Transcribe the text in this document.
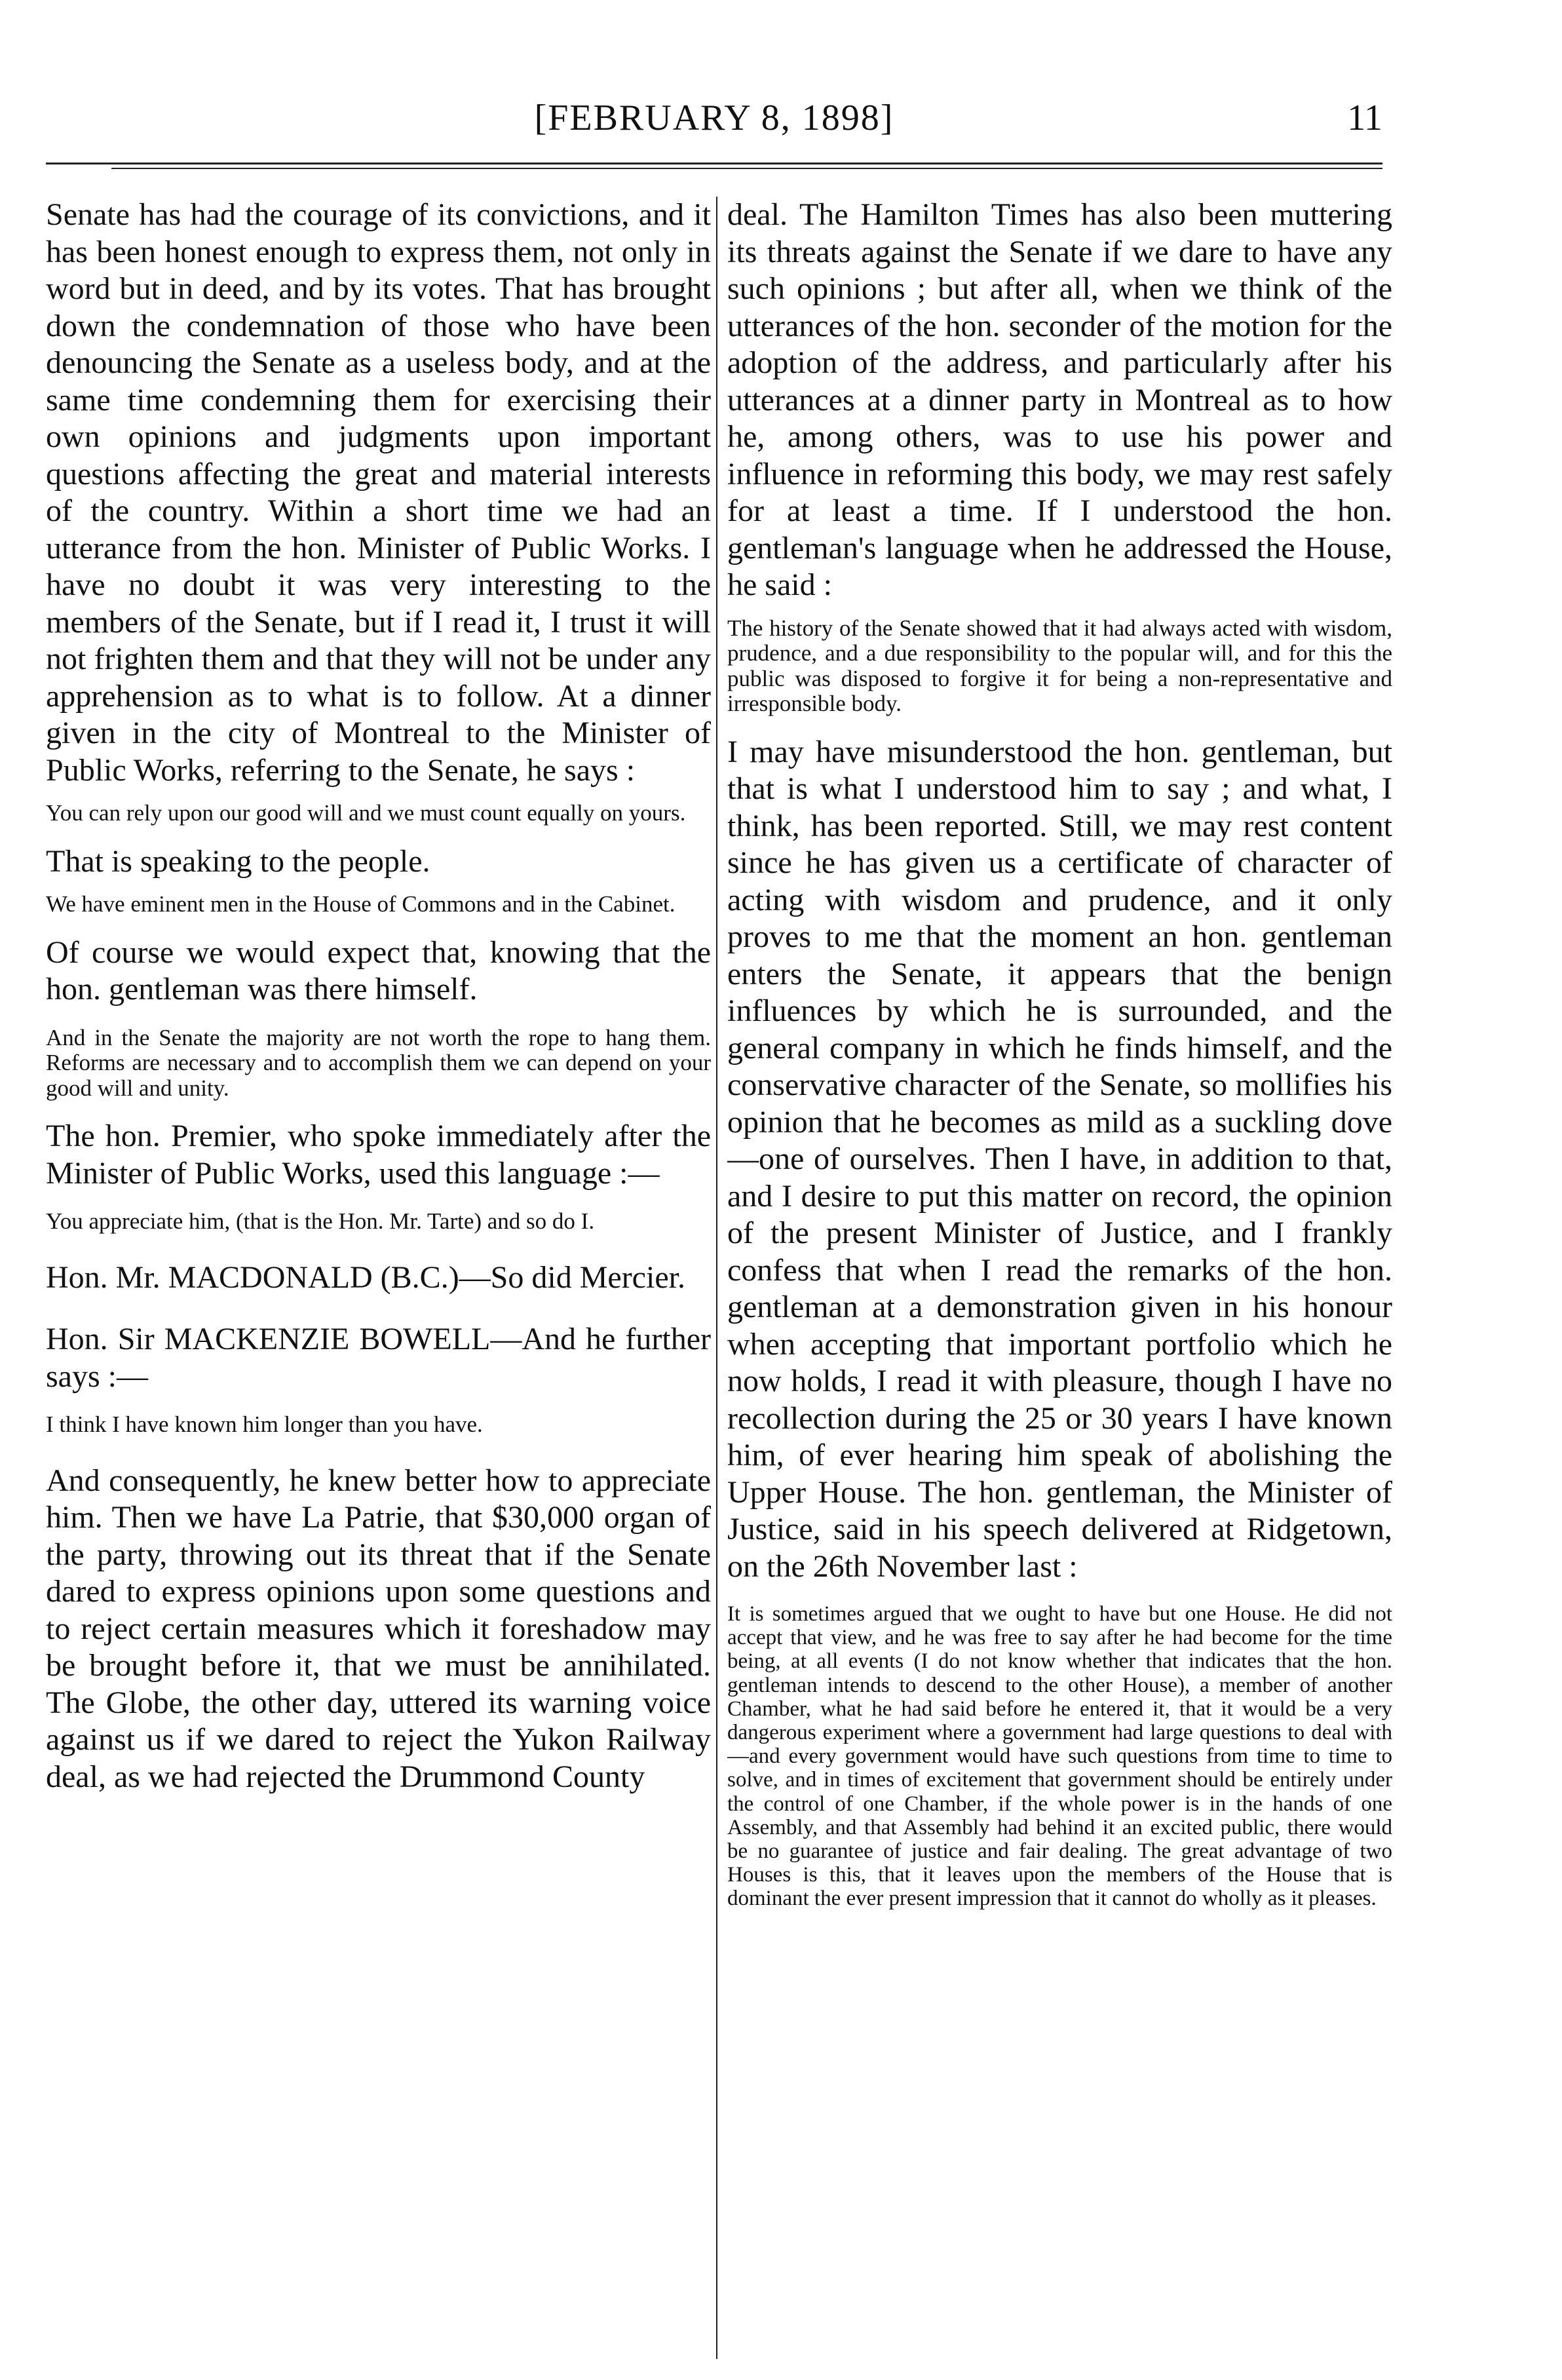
[FEBRUARY 8, 1898]	11

Senate has had the courage of its convictions, and it has been honest enough to express them, not only in word but in deed, and by its votes. That has brought down the condemnation of those who have been denouncing the Senate as a useless body, and at the same time condemning them for exercising their own opinions and judgments upon important questions affecting the great and material interests of the country. Within a short time we had an utterance from the hon. Minister of Public Works. I have no doubt it was very interesting to the members of the Senate, but if I read it, I trust it will not frighten them and that they will not be under any apprehension as to what is to follow. At a dinner given in the city of Montreal to the Minister of Public Works, referring to the Senate, he says :

You can rely upon our good will and we must count equally on yours.

That is speaking to the people.

We have eminent men in the House of Commons and in the Cabinet.

Of course we would expect that, knowing that the hon. gentleman was there himself.

And in the Senate the majority are not worth the rope to hang them. Reforms are necessary and to accomplish them we can depend on your good will and unity.

The hon. Premier, who spoke immediately after the Minister of Public Works, used this language :—

You appreciate him, (that is the Hon. Mr. Tarte) and so do I.

Hon. Mr. MACDONALD (B.C.)—So did Mercier.

Hon. Sir MACKENZIE BOWELL—And he further says :—

I think I have known him longer than you have.

And consequently, he knew better how to appreciate him. Then we have La Patrie, that $30,000 organ of the party, throwing out its threat that if the Senate dared to express opinions upon some questions and to reject certain measures which it foreshadow may be brought before it, that we must be annihilated. The Globe, the other day, uttered its warning voice against us if we dared to reject the Yukon Railway deal, as we had rejected the Drummond County

deal. The Hamilton Times has also been muttering its threats against the Senate if we dare to have any such opinions ; but after all, when we think of the utterances of the hon. seconder of the motion for the adoption of the address, and particularly after his utterances at a dinner party in Montreal as to how he, among others, was to use his power and influence in reforming this body, we may rest safely for at least a time. If I understood the hon. gentleman's language when he addressed the House, he said :

The history of the Senate showed that it had always acted with wisdom, prudence, and a due responsibility to the popular will, and for this the public was disposed to forgive it for being a non-representative and irresponsible body.

I may have misunderstood the hon. gentleman, but that is what I understood him to say ; and what, I think, has been reported. Still, we may rest content since he has given us a certificate of character of acting with wisdom and prudence, and it only proves to me that the moment an hon. gentleman enters the Senate, it appears that the benign influences by which he is surrounded, and the general company in which he finds himself, and the conservative character of the Senate, so mollifies his opinion that he becomes as mild as a suckling dove—one of ourselves. Then I have, in addition to that, and I desire to put this matter on record, the opinion of the present Minister of Justice, and I frankly confess that when I read the remarks of the hon. gentleman at a demonstration given in his honour when accepting that important portfolio which he now holds, I read it with pleasure, though I have no recollection during the 25 or 30 years I have known him, of ever hearing him speak of abolishing the Upper House. The hon. gentleman, the Minister of Justice, said in his speech delivered at Ridgetown, on the 26th November last :

It is sometimes argued that we ought to have but one House. He did not accept that view, and he was free to say after he had become for the time being, at all events (I do not know whether that indicates that the hon. gentleman intends to descend to the other House), a member of another Chamber, what he had said before he entered it, that it would be a very dangerous experiment where a government had large questions to deal with—and every government would have such questions from time to time to solve, and in times of excitement that government should be entirely under the control of one Chamber, if the whole power is in the hands of one Assembly, and that Assembly had behind it an excited public, there would be no guarantee of justice and fair dealing. The great advantage of two Houses is this, that it leaves upon the members of the House that is dominant the ever present impression that it cannot do wholly as it pleases.
